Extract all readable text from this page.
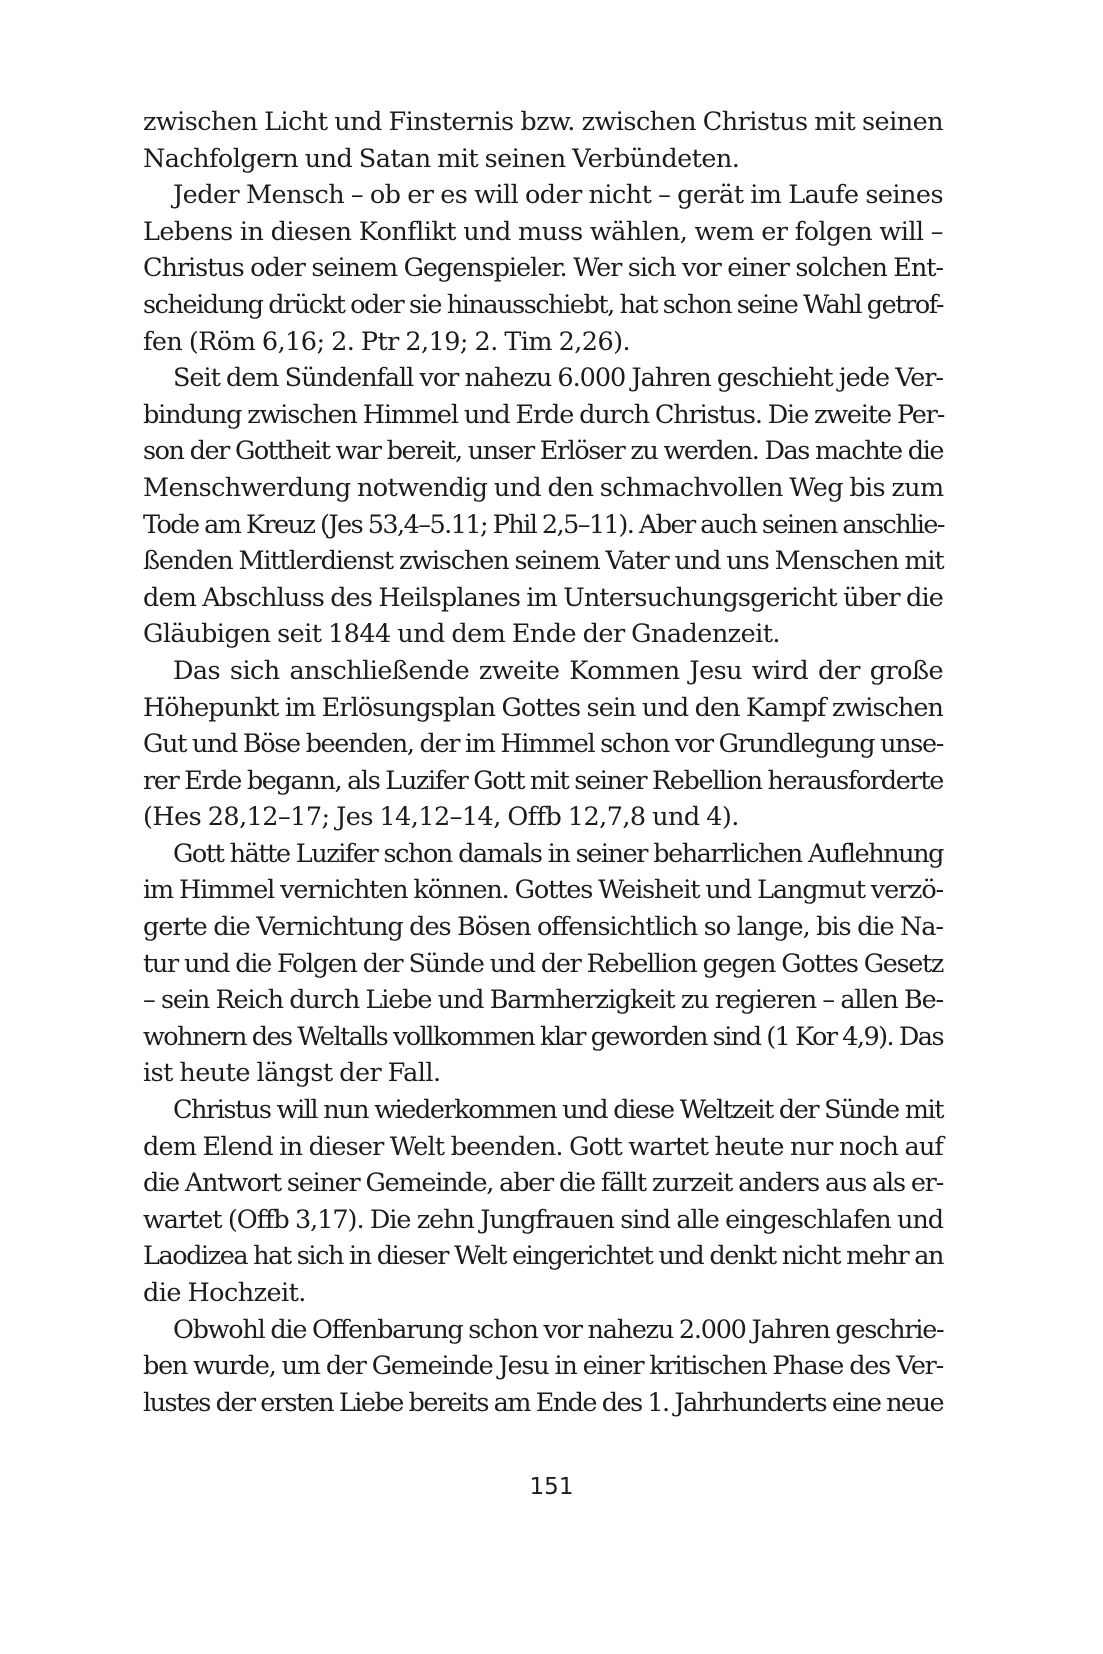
zwischen Licht und Finsternis bzw. zwischen Christus mit seinen
Nachfolgern und Satan mit seinen Verbündeten.
Jeder Mensch – ob er es will oder nicht – gerät im Laufe seines
Lebens in diesen Konflikt und muss wählen, wem er folgen will –
Christus oder seinem Gegenspieler. Wer sich vor einer solchen Ent-
scheidung drückt oder sie hinausschiebt, hat schon seine Wahl getrof-
fen (Röm 6,16; 2. Ptr 2,19; 2. Tim 2,26).
Seit dem Sündenfall vor nahezu 6.000 Jahren geschieht jede Ver-
bindung zwischen Himmel und Erde durch Christus. Die zweite Per-
son der Gottheit war bereit, unser Erlöser zu werden. Das machte die
Menschwerdung notwendig und den schmachvollen Weg bis zum
Tode am Kreuz (Jes 53,4–5.11; Phil 2,5–11). Aber auch seinen anschlie-
ßenden Mittlerdienst zwischen seinem Vater und uns Menschen mit
dem Abschluss des Heilsplanes im Untersuchungsgericht über die
Gläubigen seit 1844 und dem Ende der Gnadenzeit.
Das sich anschließende zweite Kommen Jesu wird der große
Höhepunkt im Erlösungsplan Gottes sein und den Kampf zwischen
Gut und Böse beenden, der im Himmel schon vor Grundlegung unse-
rer Erde begann, als Luzifer Gott mit seiner Rebellion herausforderte
(Hes 28,12–17; Jes 14,12–14, Offb 12,7,8 und 4).
Gott hätte Luzifer schon damals in seiner beharrlichen Auflehnung
im Himmel vernichten können. Gottes Weisheit und Langmut verzö-
gerte die Vernichtung des Bösen offensichtlich so lange, bis die Na-
tur und die Folgen der Sünde und der Rebellion gegen Gottes Gesetz
– sein Reich durch Liebe und Barmherzigkeit zu regieren – allen Be-
wohnern des Weltalls vollkommen klar geworden sind (1 Kor 4,9). Das
ist heute längst der Fall.
Christus will nun wiederkommen und diese Weltzeit der Sünde mit
dem Elend in dieser Welt beenden. Gott wartet heute nur noch auf
die Antwort seiner Gemeinde, aber die fällt zurzeit anders aus als er-
wartet (Offb 3,17). Die zehn Jungfrauen sind alle eingeschlafen und
Laodizea hat sich in dieser Welt eingerichtet und denkt nicht mehr an
die Hochzeit.
Obwohl die Offenbarung schon vor nahezu 2.000 Jahren geschrie-
ben wurde, um der Gemeinde Jesu in einer kritischen Phase des Ver-
lustes der ersten Liebe bereits am Ende des 1. Jahrhunderts eine neue
151
